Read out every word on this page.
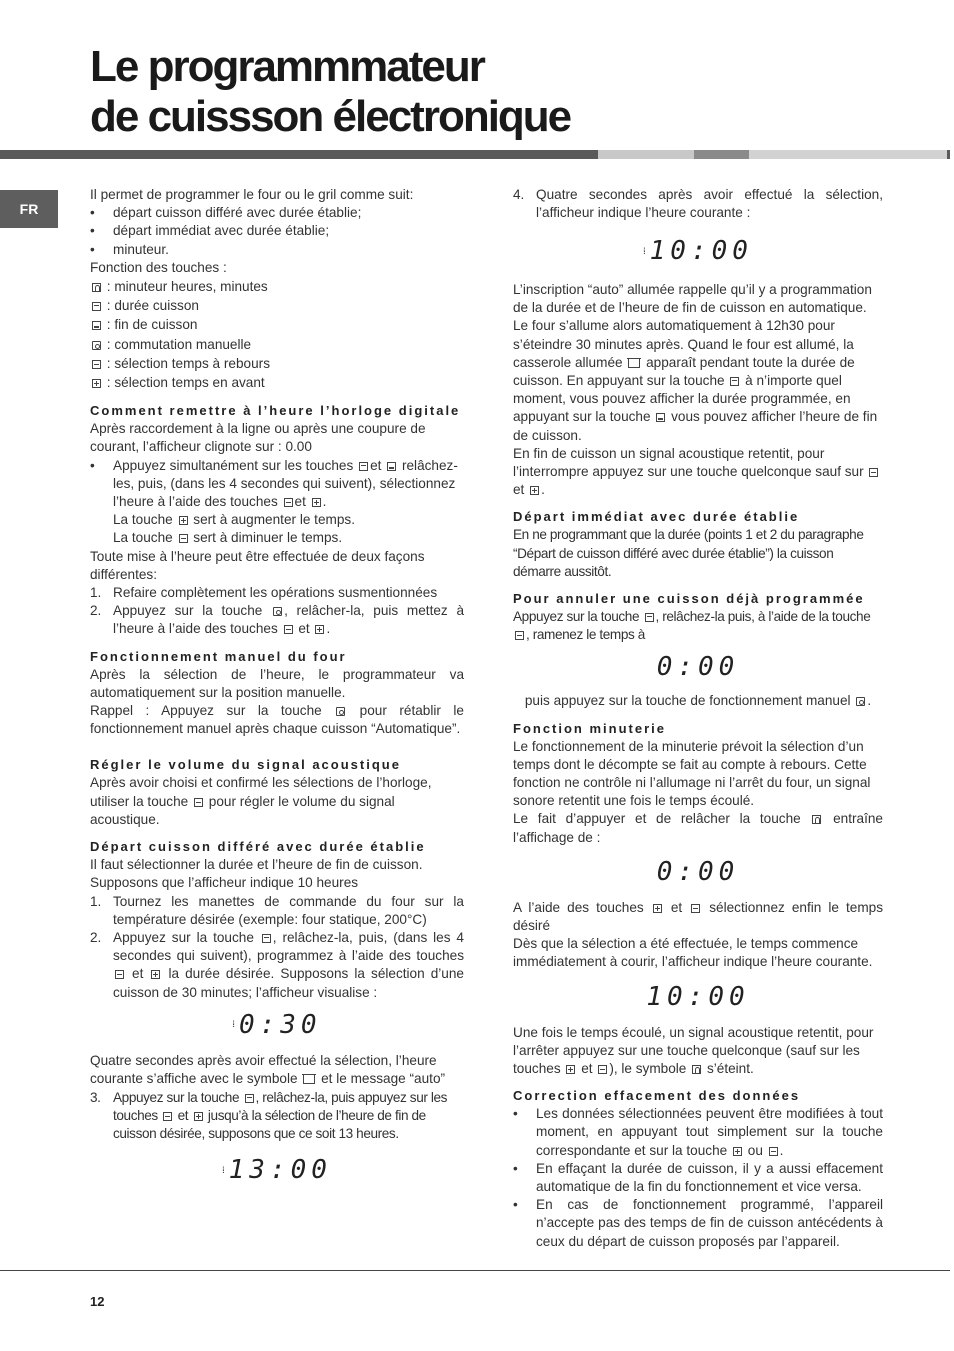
Le programmmateur
de cuissson électronique
FR

Il permet de programmer le four ou le gril comme suit:

• départ cuisson différé avec durée établie;
• départ immédiat avec durée établie;
• minuteur.

Fonction des touches :

: minuteur heures, minutes

: durée cuisson

: fin de cuisson

: commutation manuelle

: sélection temps à rebours

: sélection temps en avant

Comment remettre à l’heure l’horloge digitale

Après raccordement à la ligne ou après une coupure de courant, l’afficheur clignote sur : 0.00

• Appuyez simultanément sur les touches et relâchez-les, puis, (dans les 4 secondes qui suivent), sélectionnez l’heure à l’aide des touches et .
La touche sert à augmenter le temps.
La touche sert à diminuer le temps.

Toute mise à l’heure peut être effectuée de deux façons différentes:

1. Refaire complètement les opérations susmentionnées
2. Appuyez sur la touche , relâcher-la, puis mettez à l’heure à l’aide des touches et .

Fonctionnement manuel du four

Après la sélection de l’heure, le programmateur va automatiquement sur la position manuelle.

Rappel : Appuyez sur la touche	pour rétablir le fonctionnement manuel après chaque cuisson “Automatique”.

Régler le volume du signal acoustique

Après avoir choisi et confirmé les sélections de l’horloge, utiliser la touche pour régler le volume du signal acoustique.

Départ cuisson différé avec durée établie

Il faut sélectionner la durée et l’heure de fin de cuisson. Supposons que l’afficheur indique 10 heures

1. Tournez les manettes de commande du four sur la température désirée (exemple: four statique, 200°C)
2. Appuyez sur la touche , relâchez-la, puis, (dans les 4 secondes qui suivent), programmez à l’aide des touches  et la durée désirée. Supposons la sélection d’une cuisson de 30 minutes; l’afficheur visualise :
⁞ 0:30

Quatre secondes après avoir effectué la sélection, l’heure courante s’affiche avec le symbole et le message “auto”

3. Appuyez sur la touche , relâchez-la, puis appuyez sur les touches et jusqu’à la sélection de l’heure de fin de cuisson désirée, supposons que ce soit 13 heures.
⁞ 13:00
4. Quatre secondes après avoir effectué la sélection, l’afficheur indique l’heure courante :
⁞ 10:00

L’inscription “auto” allumée rappelle qu’il y a programmation de la durée et de l’heure de fin de cuisson en automatique. Le four s’allume alors automatiquement à 12h30 pour s’éteindre 30 minutes après. Quand le four est allumé, la casserole allumée apparaît pendant toute la durée de cuisson. En appuyant sur la touche à n’importe quel moment, vous pouvez afficher la durée programmée, en appuyant sur la touche vous pouvez afficher l’heure de fin de cuisson.

En fin de cuisson un signal acoustique retentit, pour l’interrompre appuyez sur une touche quelconque sauf sur  et .

Départ immédiat avec durée établie

En ne programmant que la durée (points 1 et 2 du paragraphe “Départ de cuisson différé avec durée établie”) la cuisson démarre aussitôt.

Pour annuler une cuisson déjà programmée

Appuyez sur la touche , relâchez-la puis, à l’aide de la touche , ramenez le temps à

0:00

puis appuyez sur la touche de fonctionnement manuel .

Fonction minuterie

Le fonctionnement de la minuterie prévoit la sélection d’un temps dont le décompte se fait au compte à rebours. Cette fonction ne contrôle ni l’allumage ni l’arrêt du four, un signal sonore retentit une fois le temps écoulé.

Le fait d’appuyer et de relâcher la touche entraîne l’affichage de :

0:00

A l’aide des touches et sélectionnez enfin le temps désiré

Dès que la sélection a été effectuée, le temps commence immédiatement à courir, l’afficheur indique l’heure courante.

10:00

Une fois le temps écoulé, un signal acoustique retentit, pour l’arrêter appuyez sur une touche quelconque (sauf sur les touches et ), le symbole s’éteint.

Correction effacement des données

• Les données sélectionnées peuvent être modifiées à tout moment, en appuyant tout simplement sur la touche correspondante et sur la touche ou .
• En effaçant la durée de cuisson, il y a aussi effacement automatique de la fin du fonctionnement et vice versa.
• En cas de fonctionnement programmé, l’appareil n’accepte pas des temps de fin de cuisson antécédents à ceux du départ de cuisson proposés par l’appareil.
12
